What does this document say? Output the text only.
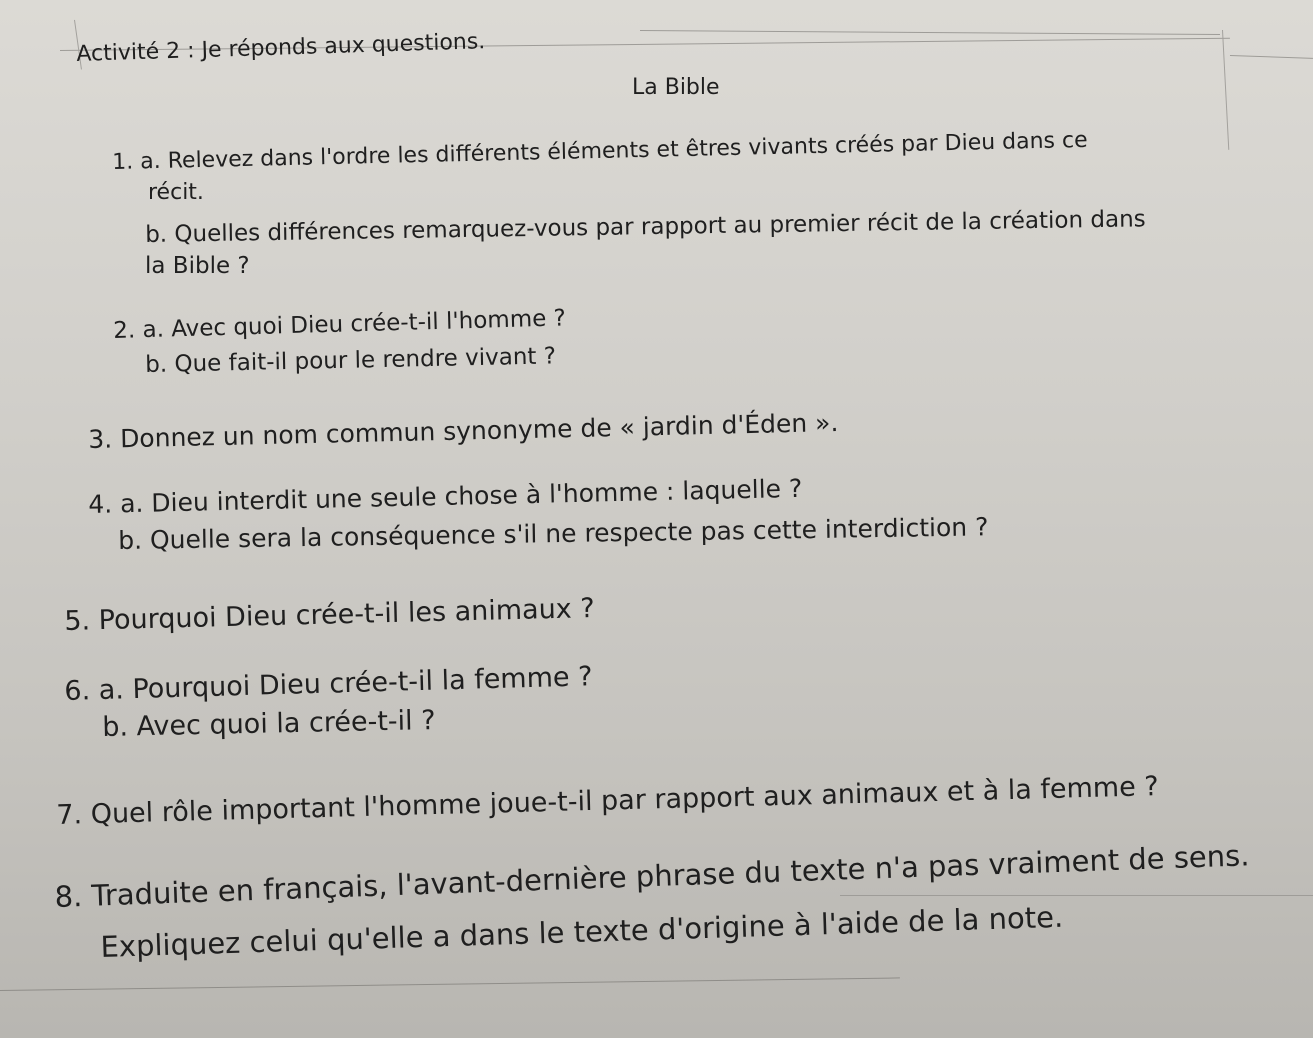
Activité 2 : Je réponds aux questions.
La Bible
1. a. Relevez dans l'ordre les différents éléments et êtres vivants créés par Dieu dans ce
récit.
b. Quelles différences remarquez-vous par rapport au premier récit de la création dans
la Bible ?
2. a. Avec quoi Dieu crée-t-il l'homme ?
b. Que fait-il pour le rendre vivant ?
3. Donnez un nom commun synonyme de « jardin d'Éden ».
4. a. Dieu interdit une seule chose à l'homme : laquelle ?
b. Quelle sera la conséquence s'il ne respecte pas cette interdiction ?
5. Pourquoi Dieu crée-t-il les animaux ?
6. a. Pourquoi Dieu crée-t-il la femme ?
b. Avec quoi la crée-t-il ?
7. Quel rôle important l'homme joue-t-il par rapport aux animaux et à la femme ?
8. Traduite en français, l'avant-dernière phrase du texte n'a pas vraiment de sens.
Expliquez celui qu'elle a dans le texte d'origine à l'aide de la note.
